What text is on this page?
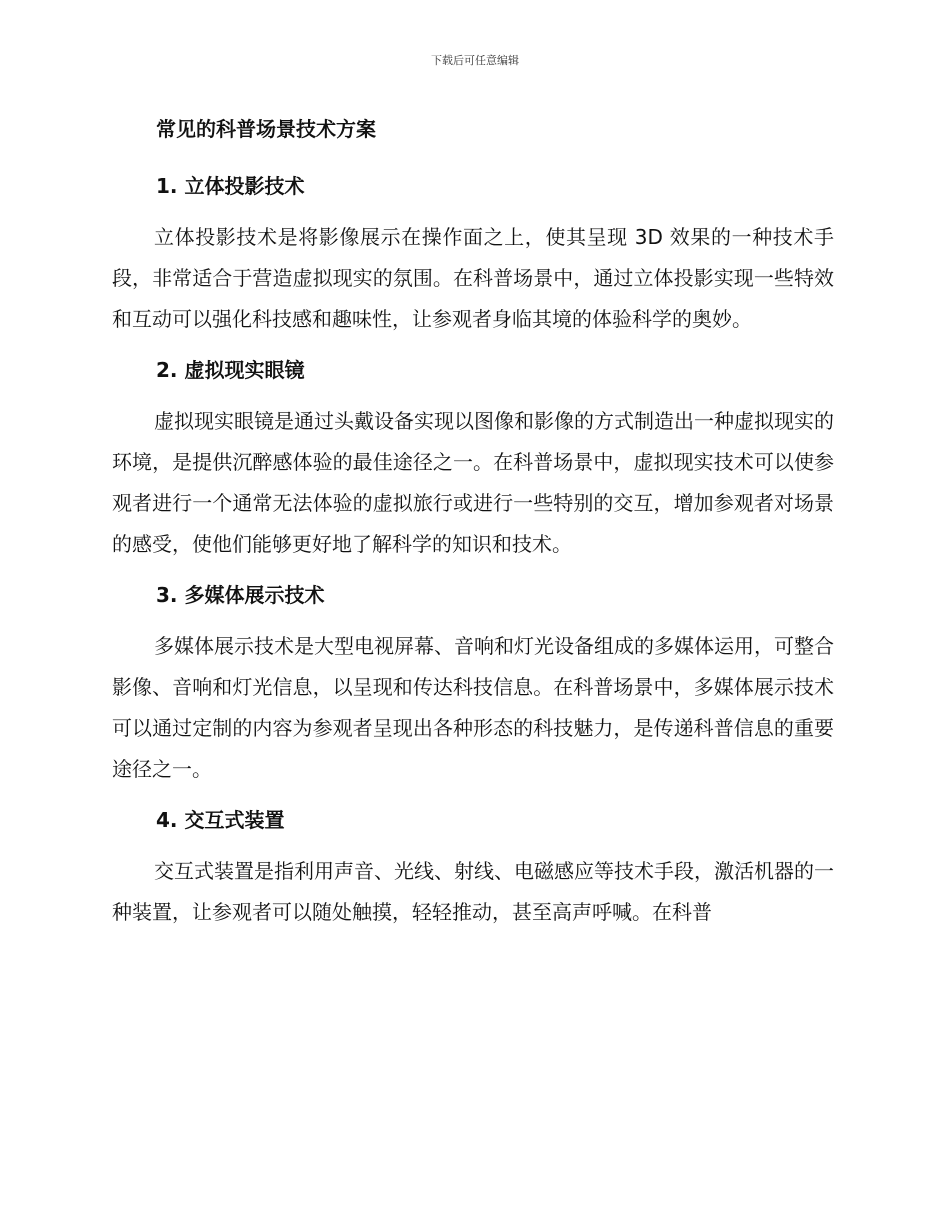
下载后可任意编辑
常见的科普场景技术方案
1. 立体投影技术

立体投影技术是将影像展示在操作面之上，使其呈现 3D 效果的一种技术手段，非常适合于营造虚拟现实的氛围。在科普场景中，通过立体投影实现一些特效和互动可以强化科技感和趣味性，让参观者身临其境的体验科学的奥妙。

2. 虚拟现实眼镜

虚拟现实眼镜是通过头戴设备实现以图像和影像的方式制造出一种虚拟现实的环境，是提供沉醉感体验的最佳途径之一。在科普场景中，虚拟现实技术可以使参观者进行一个通常无法体验的虚拟旅行或进行一些特别的交互，增加参观者对场景的感受，使他们能够更好地了解科学的知识和技术。

3. 多媒体展示技术

多媒体展示技术是大型电视屏幕、音响和灯光设备组成的多媒体运用，可整合影像、音响和灯光信息，以呈现和传达科技信息。在科普场景中，多媒体展示技术可以通过定制的内容为参观者呈现出各种形态的科技魅力，是传递科普信息的重要途径之一。

4. 交互式装置

交互式装置是指利用声音、光线、射线、电磁感应等技术手段，激活机器的一种装置，让参观者可以随处触摸，轻轻推动，甚至高声呼喊。在科普
